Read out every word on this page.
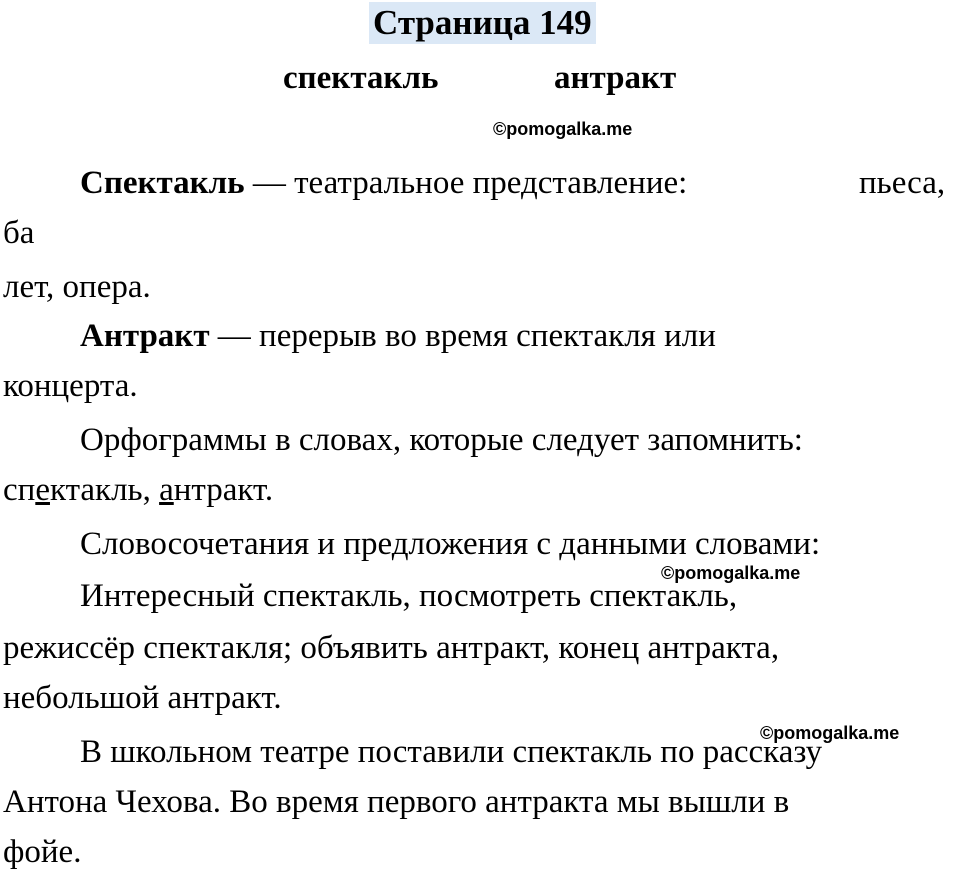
Страница 149
спектакль	антракт
©pomogalka.me
Спектакль — театральное представление:	пьеса,
ба
лет, опера.
Антракт — перерыв во время спектакля или
концерта.
Орфограммы в словах, которые следует запомнить:
спектакль, антракт.
Словосочетания и предложения с данными словами:
©pomogalka.me
Интересный спектакль, посмотреть спектакль,
режиссёр спектакля; объявить антракт, конец антракта,
небольшой антракт.
©pomogalka.me
В школьном театре поставили спектакль по рассказу
Антона Чехова. Во время первого антракта мы вышли в
фойе.
